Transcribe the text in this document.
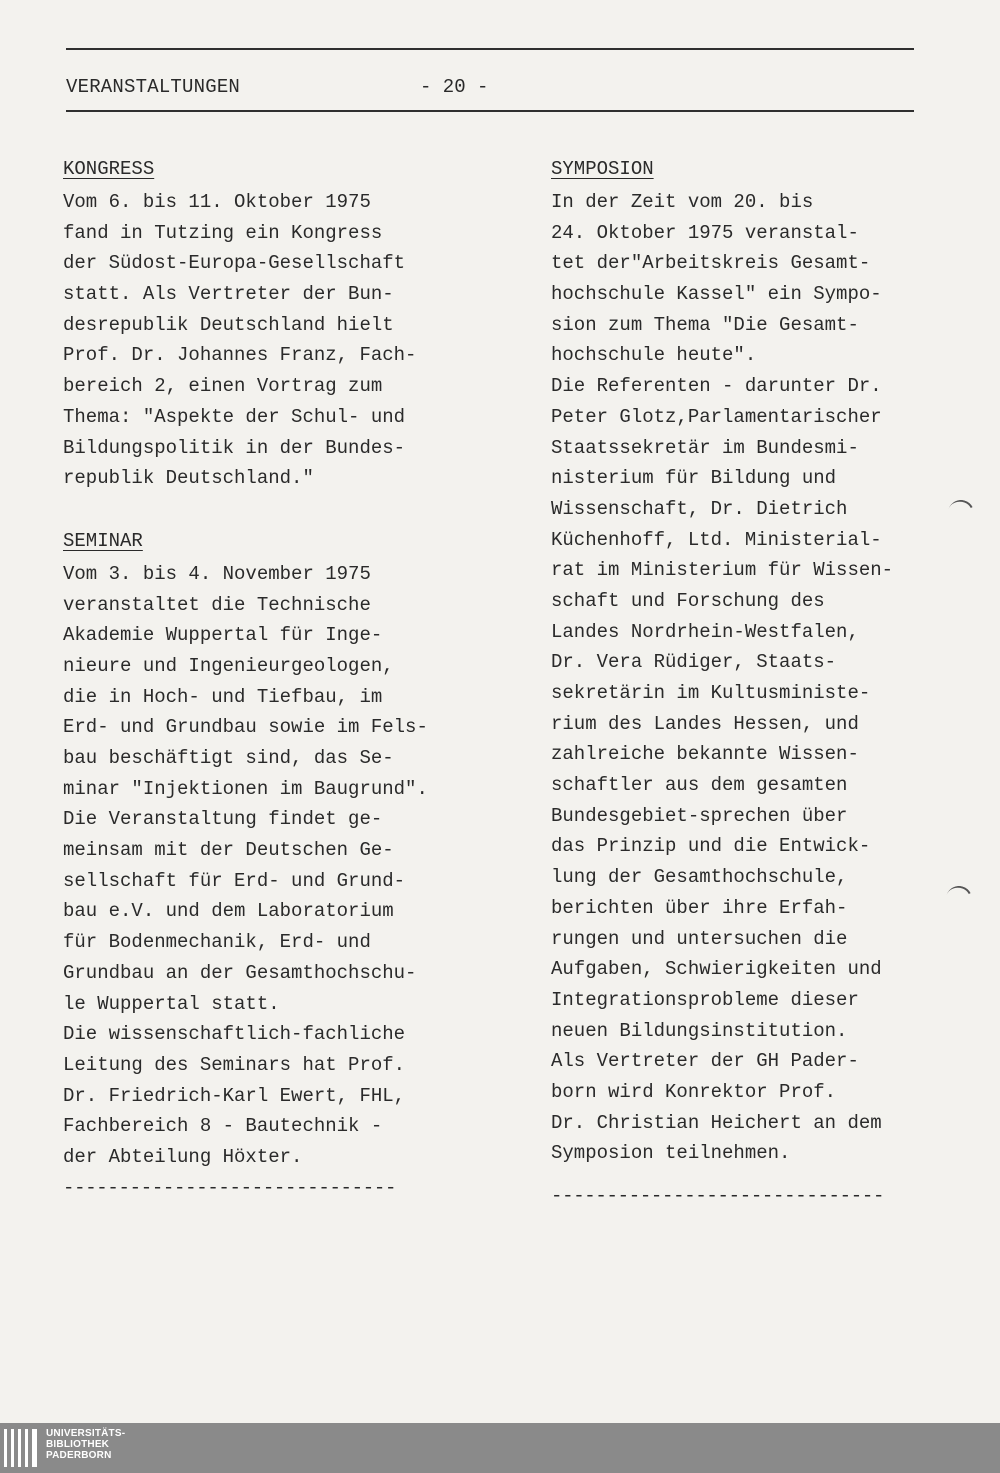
VERANSTALTUNGEN	- 20 -
KONGRESS
Vom 6. bis 11. Oktober 1975
fand in Tutzing ein Kongress
der Südost-Europa-Gesellschaft
statt. Als Vertreter der Bun-
desrepublik Deutschland hielt
Prof. Dr. Johannes Franz, Fach-
bereich 2, einen Vortrag zum
Thema: "Aspekte der Schul- und
Bildungspolitik in der Bundes-
republik Deutschland."
SEMINAR
Vom 3. bis 4. November 1975
veranstaltet die Technische
Akademie Wuppertal für Inge-
nieure und Ingenieurgeologen,
die in Hoch- und Tiefbau, im
Erd- und Grundbau sowie im Fels-
bau beschäftigt sind, das Se-
minar "Injektionen im Baugrund".
Die Veranstaltung findet ge-
meinsam mit der Deutschen Ge-
sellschaft für Erd- und Grund-
bau e.V. und dem Laboratorium
für Bodenmechanik, Erd- und
Grundbau an der Gesamthochschu-
le Wuppertal statt.
Die wissenschaftlich-fachliche
Leitung des Seminars hat Prof.
Dr. Friedrich-Karl Ewert, FHL,
Fachbereich 8 - Bautechnik -
der Abteilung Höxter.
------------------------------
SYMPOSION
In der Zeit vom 20. bis
24. Oktober 1975 veranstal-
tet der"Arbeitskreis Gesamt-
hochschule Kassel" ein Sympo-
sion zum Thema "Die Gesamt-
hochschule heute".
Die Referenten - darunter Dr.
Peter Glotz,Parlamentarischer
Staatssekretär im Bundesmi-
nisterium für Bildung und
Wissenschaft, Dr. Dietrich
Küchenhoff, Ltd. Ministerial-
rat im Ministerium für Wissen-
schaft und Forschung des
Landes Nordrhein-Westfalen,
Dr. Vera Rüdiger, Staats-
sekretärin im Kultusministe-
rium des Landes Hessen, und
zahlreiche bekannte Wissen-
schaftler aus dem gesamten
Bundesgebiet-sprechen über
das Prinzip und die Entwick-
lung der Gesamthochschule,
berichten über ihre Erfah-
rungen und untersuchen die
Aufgaben, Schwierigkeiten und
Integrationsprobleme dieser
neuen Bildungsinstitution.
Als Vertreter der GH Pader-
born wird Konrektor Prof.
Dr. Christian Heichert an dem
Symposion teilnehmen.
------------------------------
UNIVERSITÄTS-
BIBLIOTHEK
PADERBORN
